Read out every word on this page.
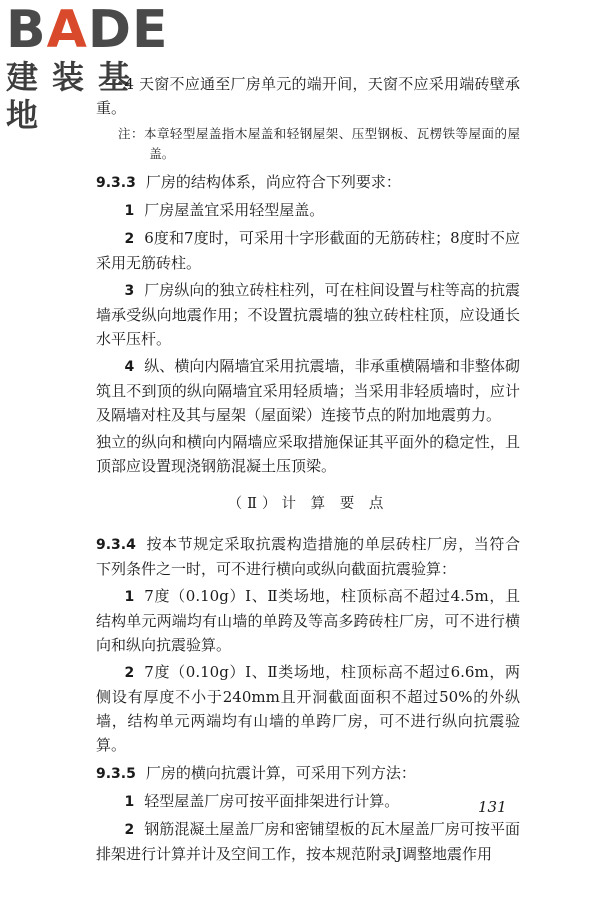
BADE
建装基地

4 天窗不应通至厂房单元的端开间，天窗不应采用端砖壁承重。

注：本章轻型屋盖指木屋盖和轻钢屋架、压型钢板、瓦楞铁等屋面的屋盖。

9.3.3 厂房的结构体系，尚应符合下列要求：

1 厂房屋盖宜采用轻型屋盖。

2 6度和7度时，可采用十字形截面的无筋砖柱；8度时不应采用无筋砖柱。

3 厂房纵向的独立砖柱柱列，可在柱间设置与柱等高的抗震墙承受纵向地震作用；不设置抗震墙的独立砖柱柱顶，应设通长水平压杆。

4 纵、横向内隔墙宜采用抗震墙，非承重横隔墙和非整体砌筑且不到顶的纵向隔墙宜采用轻质墙；当采用非轻质墙时，应计及隔墙对柱及其与屋架（屋面梁）连接节点的附加地震剪力。

独立的纵向和横向内隔墙应采取措施保证其平面外的稳定性，且顶部应设置现浇钢筋混凝土压顶梁。

（Ⅱ）计 算 要 点

9.3.4 按本节规定采取抗震构造措施的单层砖柱厂房，当符合下列条件之一时，可不进行横向或纵向截面抗震验算：

1 7度（0.10g）Ⅰ、Ⅱ类场地，柱顶标高不超过4.5m，且结构单元两端均有山墙的单跨及等高多跨砖柱厂房，可不进行横向和纵向抗震验算。

2 7度（0.10g）Ⅰ、Ⅱ类场地，柱顶标高不超过6.6m，两侧设有厚度不小于240mm且开洞截面面积不超过50%的外纵墙，结构单元两端均有山墙的单跨厂房，可不进行纵向抗震验算。

9.3.5 厂房的横向抗震计算，可采用下列方法：

1 轻型屋盖厂房可按平面排架进行计算。

2 钢筋混凝土屋盖厂房和密铺望板的瓦木屋盖厂房可按平面排架进行计算并计及空间工作，按本规范附录J调整地震作用

131
